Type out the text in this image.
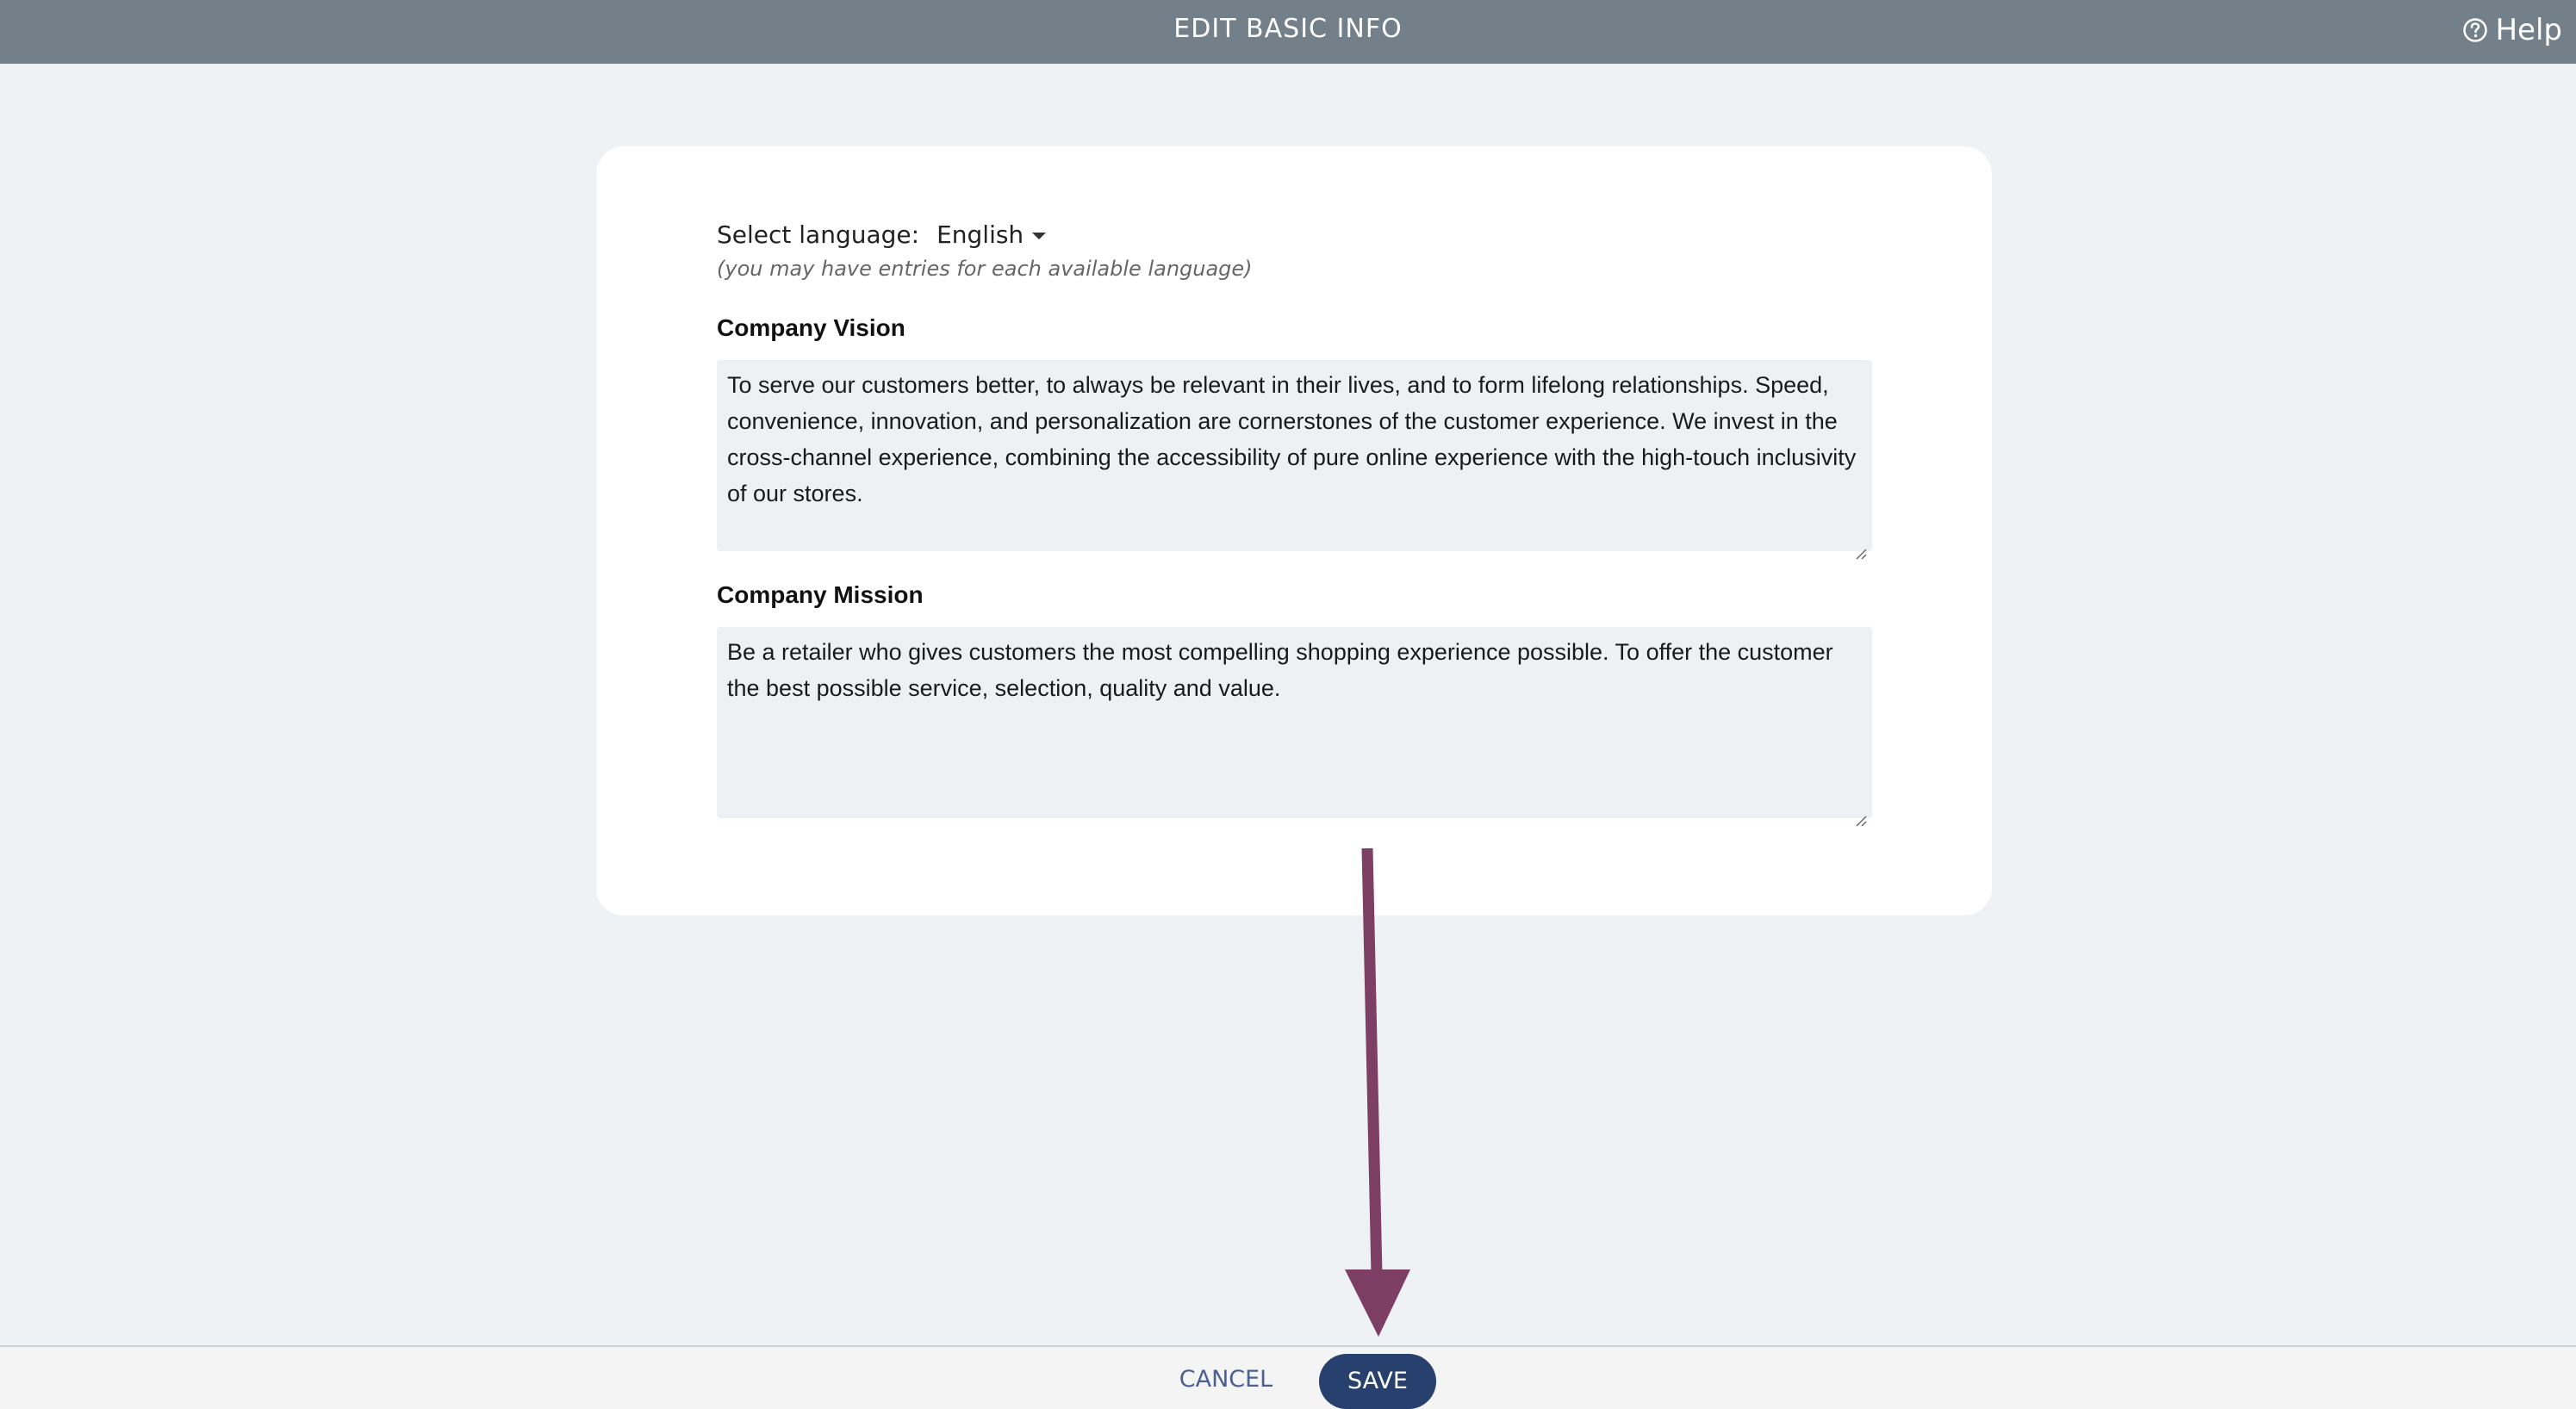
EDIT BASIC INFO	Help
Select language: English
(you may have entries for each available language)
Company Vision
To serve our customers better, to always be relevant in their lives, and to form lifelong relationships. Speed, convenience, innovation, and personalization are cornerstones of the customer experience. We invest in the cross-channel experience, combining the accessibility of pure online experience with the high-touch inclusivity of our stores.
Company Mission
Be a retailer who gives customers the most compelling shopping experience possible. To offer the customer the best possible service, selection, quality and value.
CANCEL	SAVE
